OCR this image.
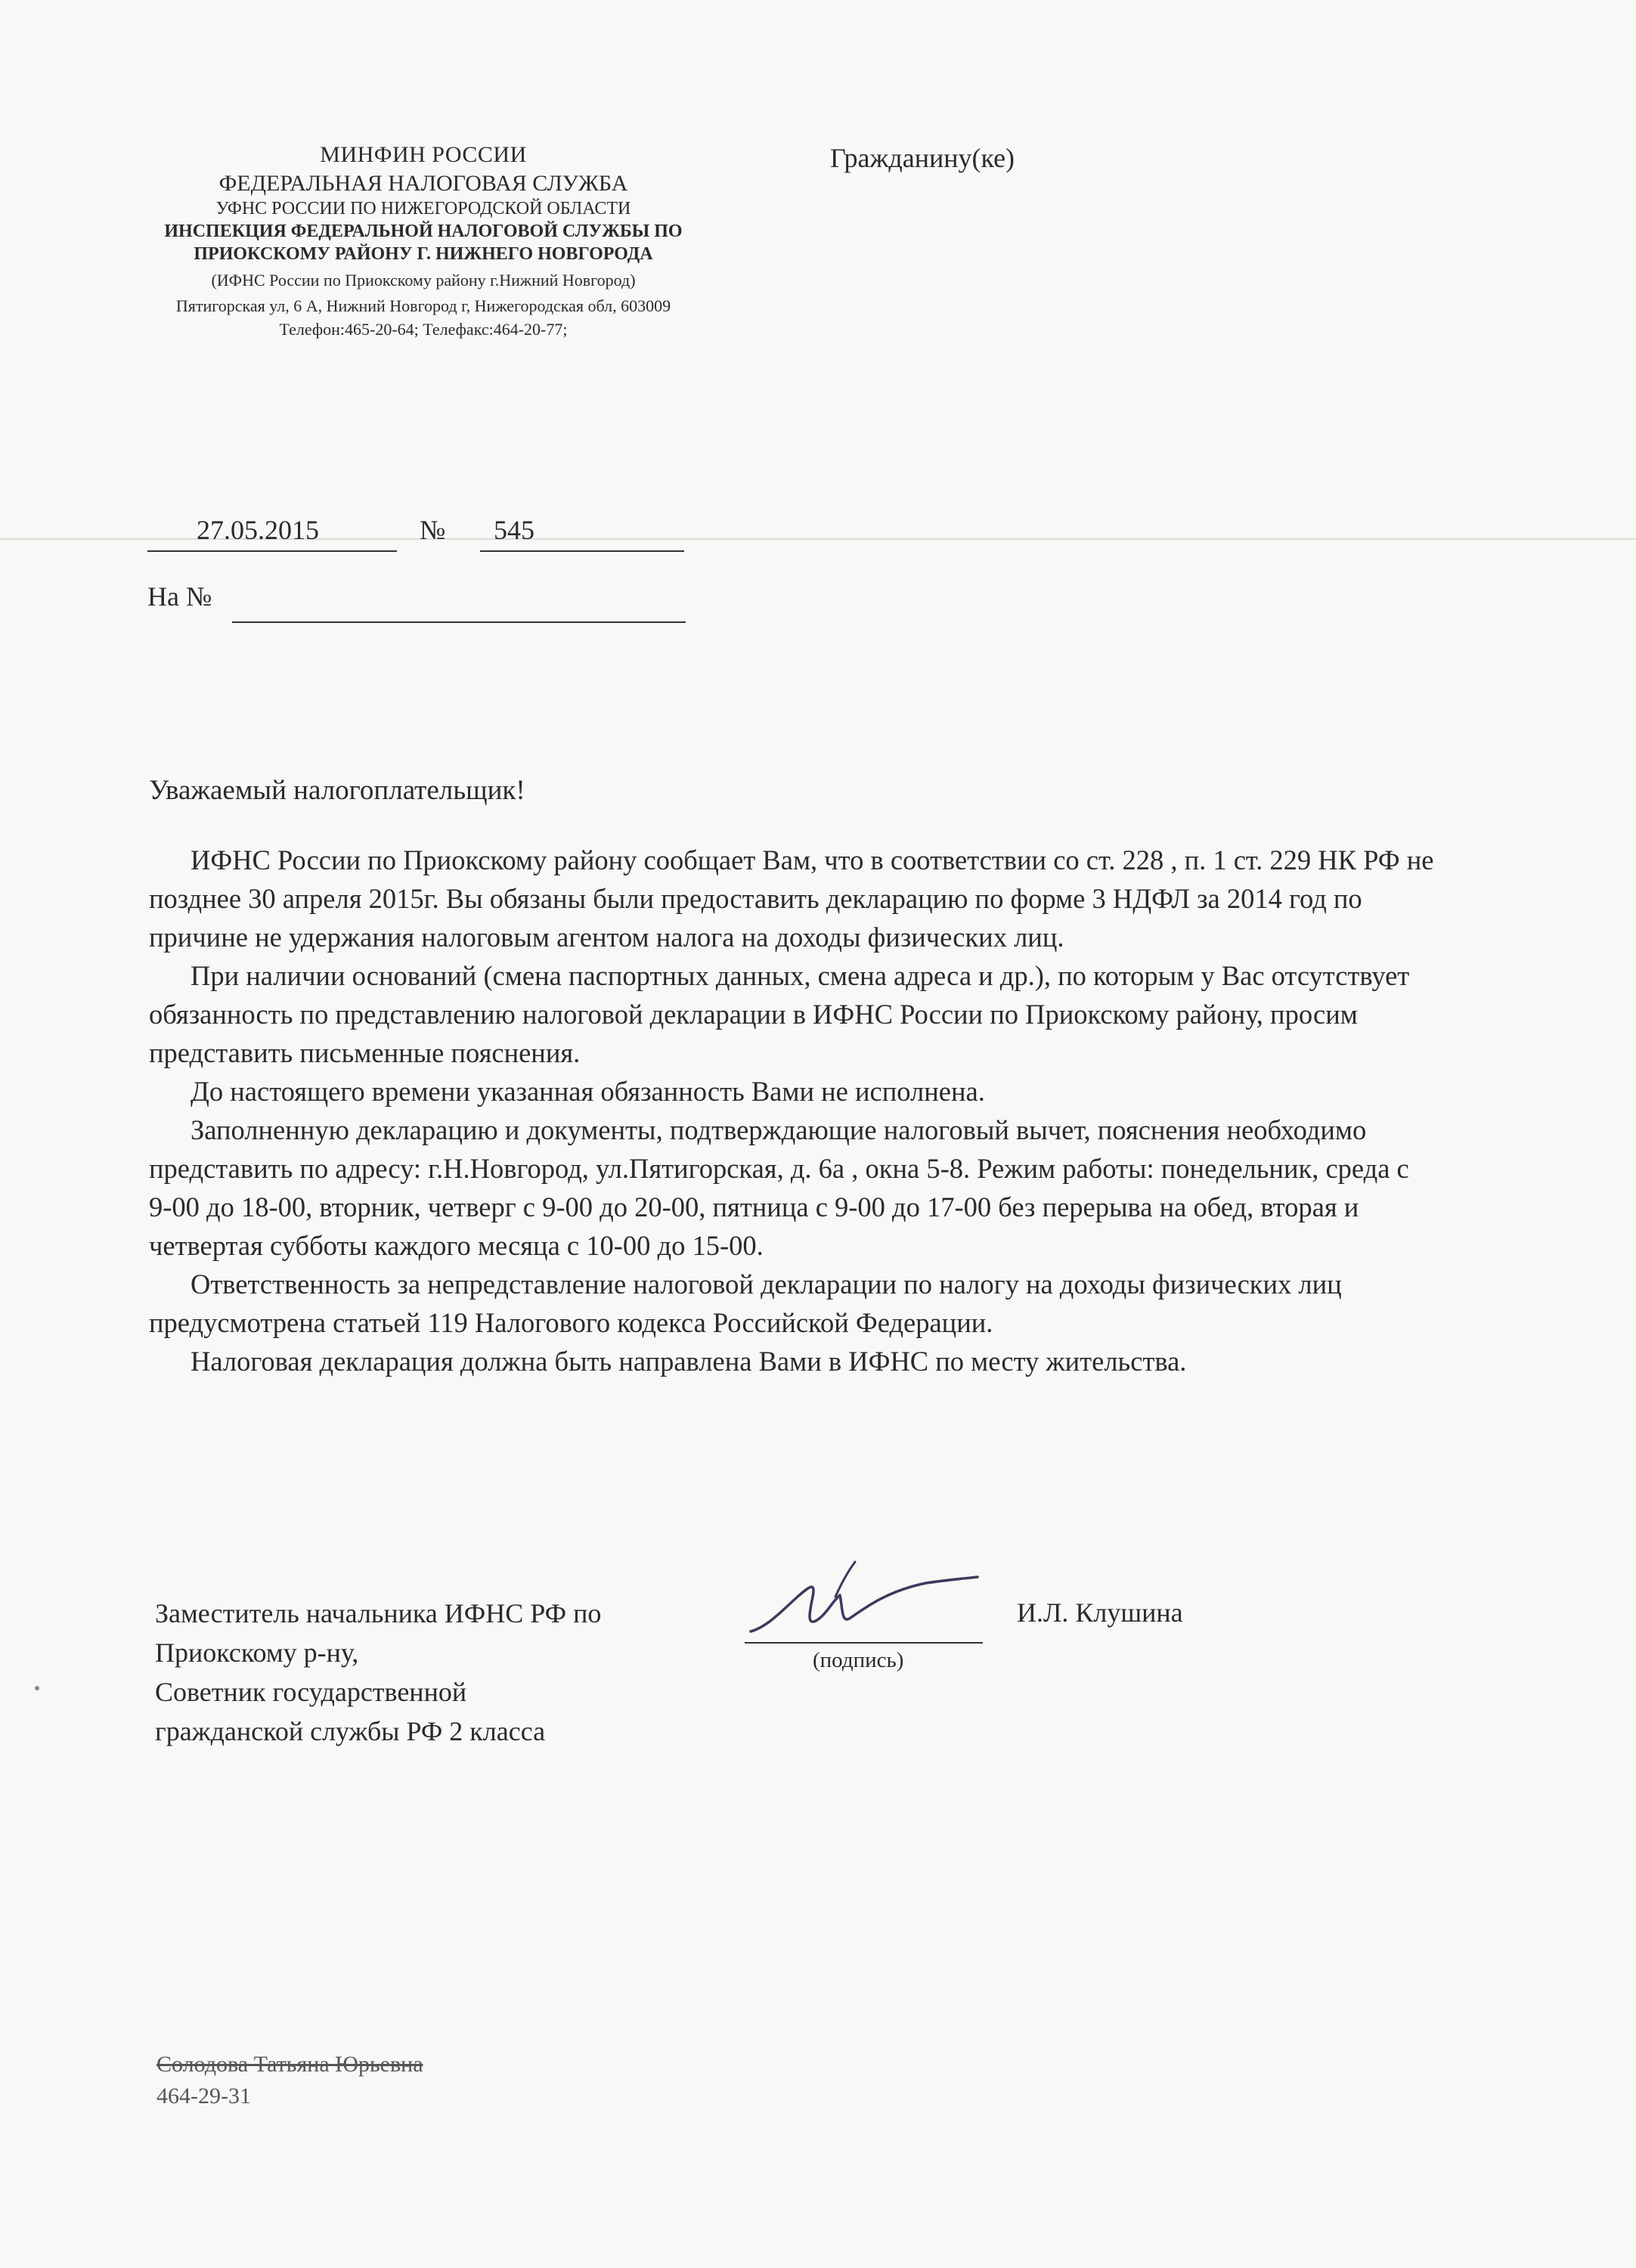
МИНФИН РОССИИ
ФЕДЕРАЛЬНАЯ НАЛОГОВАЯ СЛУЖБА
УФНС РОССИИ ПО НИЖЕГОРОДСКОЙ ОБЛАСТИ
ИНСПЕКЦИЯ ФЕДЕРАЛЬНОЙ НАЛОГОВОЙ СЛУЖБЫ ПО ПРИОКСКОМУ РАЙОНУ Г. НИЖНЕГО НОВГОРОДА
(ИФНС России по Приокскому району г.Нижний Новгород)
Пятигорская ул, 6 А, Нижний Новгород г, Нижегородская обл, 603009
Телефон:465-20-64; Телефакс:464-20-77;
Гражданину(ке)
27.05.2015	№ 545
На №
Уважаемый налогоплательщик!

ИФНС России по Приокскому району сообщает Вам, что в соответствии со ст. 228 , п. 1 ст. 229 НК РФ не позднее 30 апреля 2015г. Вы обязаны были предоставить декларацию по форме 3 НДФЛ за 2014 год по причине не удержания налоговым агентом налога на доходы физических лиц.

При наличии оснований (смена паспортных данных, смена адреса и др.), по которым у Вас отсутствует обязанность по представлению налоговой декларации в ИФНС России по Приокскому району, просим представить письменные пояснения.

До настоящего времени указанная обязанность Вами не исполнена.

Заполненную декларацию и документы, подтверждающие налоговый вычет, пояснения необходимо представить по адресу: г.Н.Новгород, ул.Пятигорская, д. 6а , окна 5-8. Режим работы: понедельник, среда с 9-00 до 18-00, вторник, четверг с 9-00 до 20-00, пятница с 9-00 до 17-00 без перерыва на обед, вторая и четвертая субботы каждого месяца с 10-00 до 15-00.

Ответственность за непредставление налоговой декларации по налогу на доходы физических лиц предусмотрена статьей 119 Налогового кодекса Российской Федерации.

Налоговая декларация должна быть направлена Вами в ИФНС по месту жительства.

Заместитель начальника ИФНС РФ по
Приокскому р-ну,
Советник государственной
гражданской службы РФ 2 класса
(подпись)
И.Л. Клушина
Солодова Татьяна Юрьевна
464-29-31
